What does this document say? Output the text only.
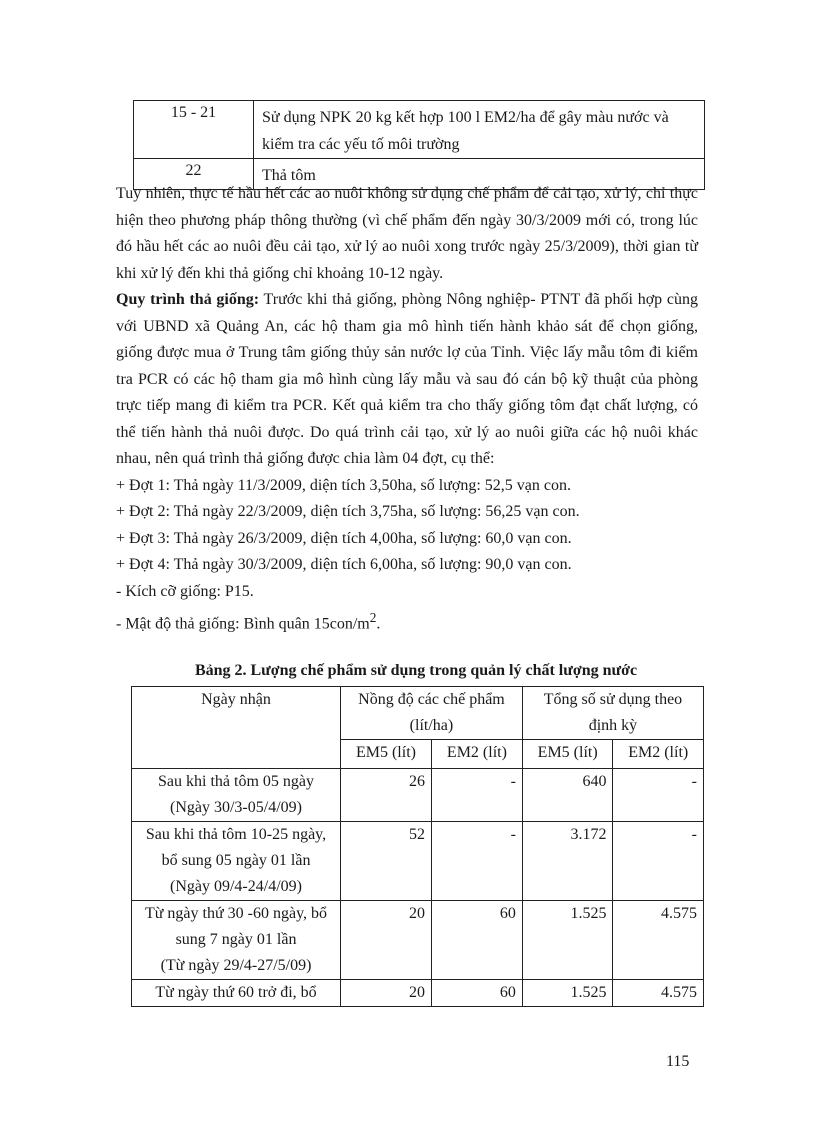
15 - 21	Sử dụng NPK 20 kg kết hợp 100 l EM2/ha để gây màu nước và kiểm tra các yếu tố môi trường
22	Thả tôm

Tuy nhiên, thực tế hầu hết các ao nuôi không sử dụng chế phẩm để cải tạo, xử lý, chỉ thực hiện theo phương pháp thông thường (vì chế phẩm đến ngày 30/3/2009 mới có, trong lúc đó hầu hết các ao nuôi đều cải tạo, xử lý ao nuôi xong trước ngày 25/3/2009), thời gian từ khi xử lý đến khi thả giống chỉ khoảng 10-12 ngày.

Quy trình thả giống: Trước khi thả giống, phòng Nông nghiệp- PTNT đã phối hợp cùng với UBND xã Quảng An, các hộ tham gia mô hình tiến hành khảo sát để chọn giống, giống được mua ở Trung tâm giống thủy sản nước lợ của Tỉnh. Việc lấy mẫu tôm đi kiểm tra PCR có các hộ tham gia mô hình cùng lấy mẫu và sau đó cán bộ kỹ thuật của phòng trực tiếp mang đi kiểm tra PCR. Kết quả kiểm tra cho thấy giống tôm đạt chất lượng, có thể tiến hành thả nuôi được. Do quá trình cải tạo, xử lý ao nuôi giữa các hộ nuôi khác nhau, nên quá trình thả giống được chia làm 04 đợt, cụ thể:

+ Đợt 1: Thả ngày 11/3/2009, diện tích 3,50ha, số lượng: 52,5 vạn con.

+ Đợt 2: Thả ngày 22/3/2009, diện tích 3,75ha, số lượng: 56,25 vạn con.

+ Đợt 3: Thả ngày 26/3/2009, diện tích 4,00ha, số lượng: 60,0 vạn con.

+ Đợt 4: Thả ngày 30/3/2009, diện tích 6,00ha, số lượng: 90,0 vạn con.

- Kích cỡ giống: P15.

- Mật độ thả giống: Bình quân $15con/m^2$.

Bảng 2. Lượng chế phẩm sử dụng trong quản lý chất lượng nước
Ngày nhận	Nồng độ các chế phẩm (lít/ha)		Tổng số sử dụng theo định kỳ	
	EM5 (lít)	EM2 (lít)	EM5 (lít)	EM2 (lít)

Sau khi thả tôm 05 ngày
(Ngày 30/3-05/4/09)	26	-	640	-

Sau khi thả tôm 10-25 ngày,
bổ sung 05 ngày 01 lần
(Ngày 09/4-24/4/09)	52	-	3.172	-

Từ ngày thứ 30 -60 ngày, bổ
sung 7 ngày 01 lần
(Từ ngày 29/4-27/5/09)	20	60	1.525	4.575

Từ ngày thứ 60 trở đi, bổ	20	60	1.525	4.575
115
